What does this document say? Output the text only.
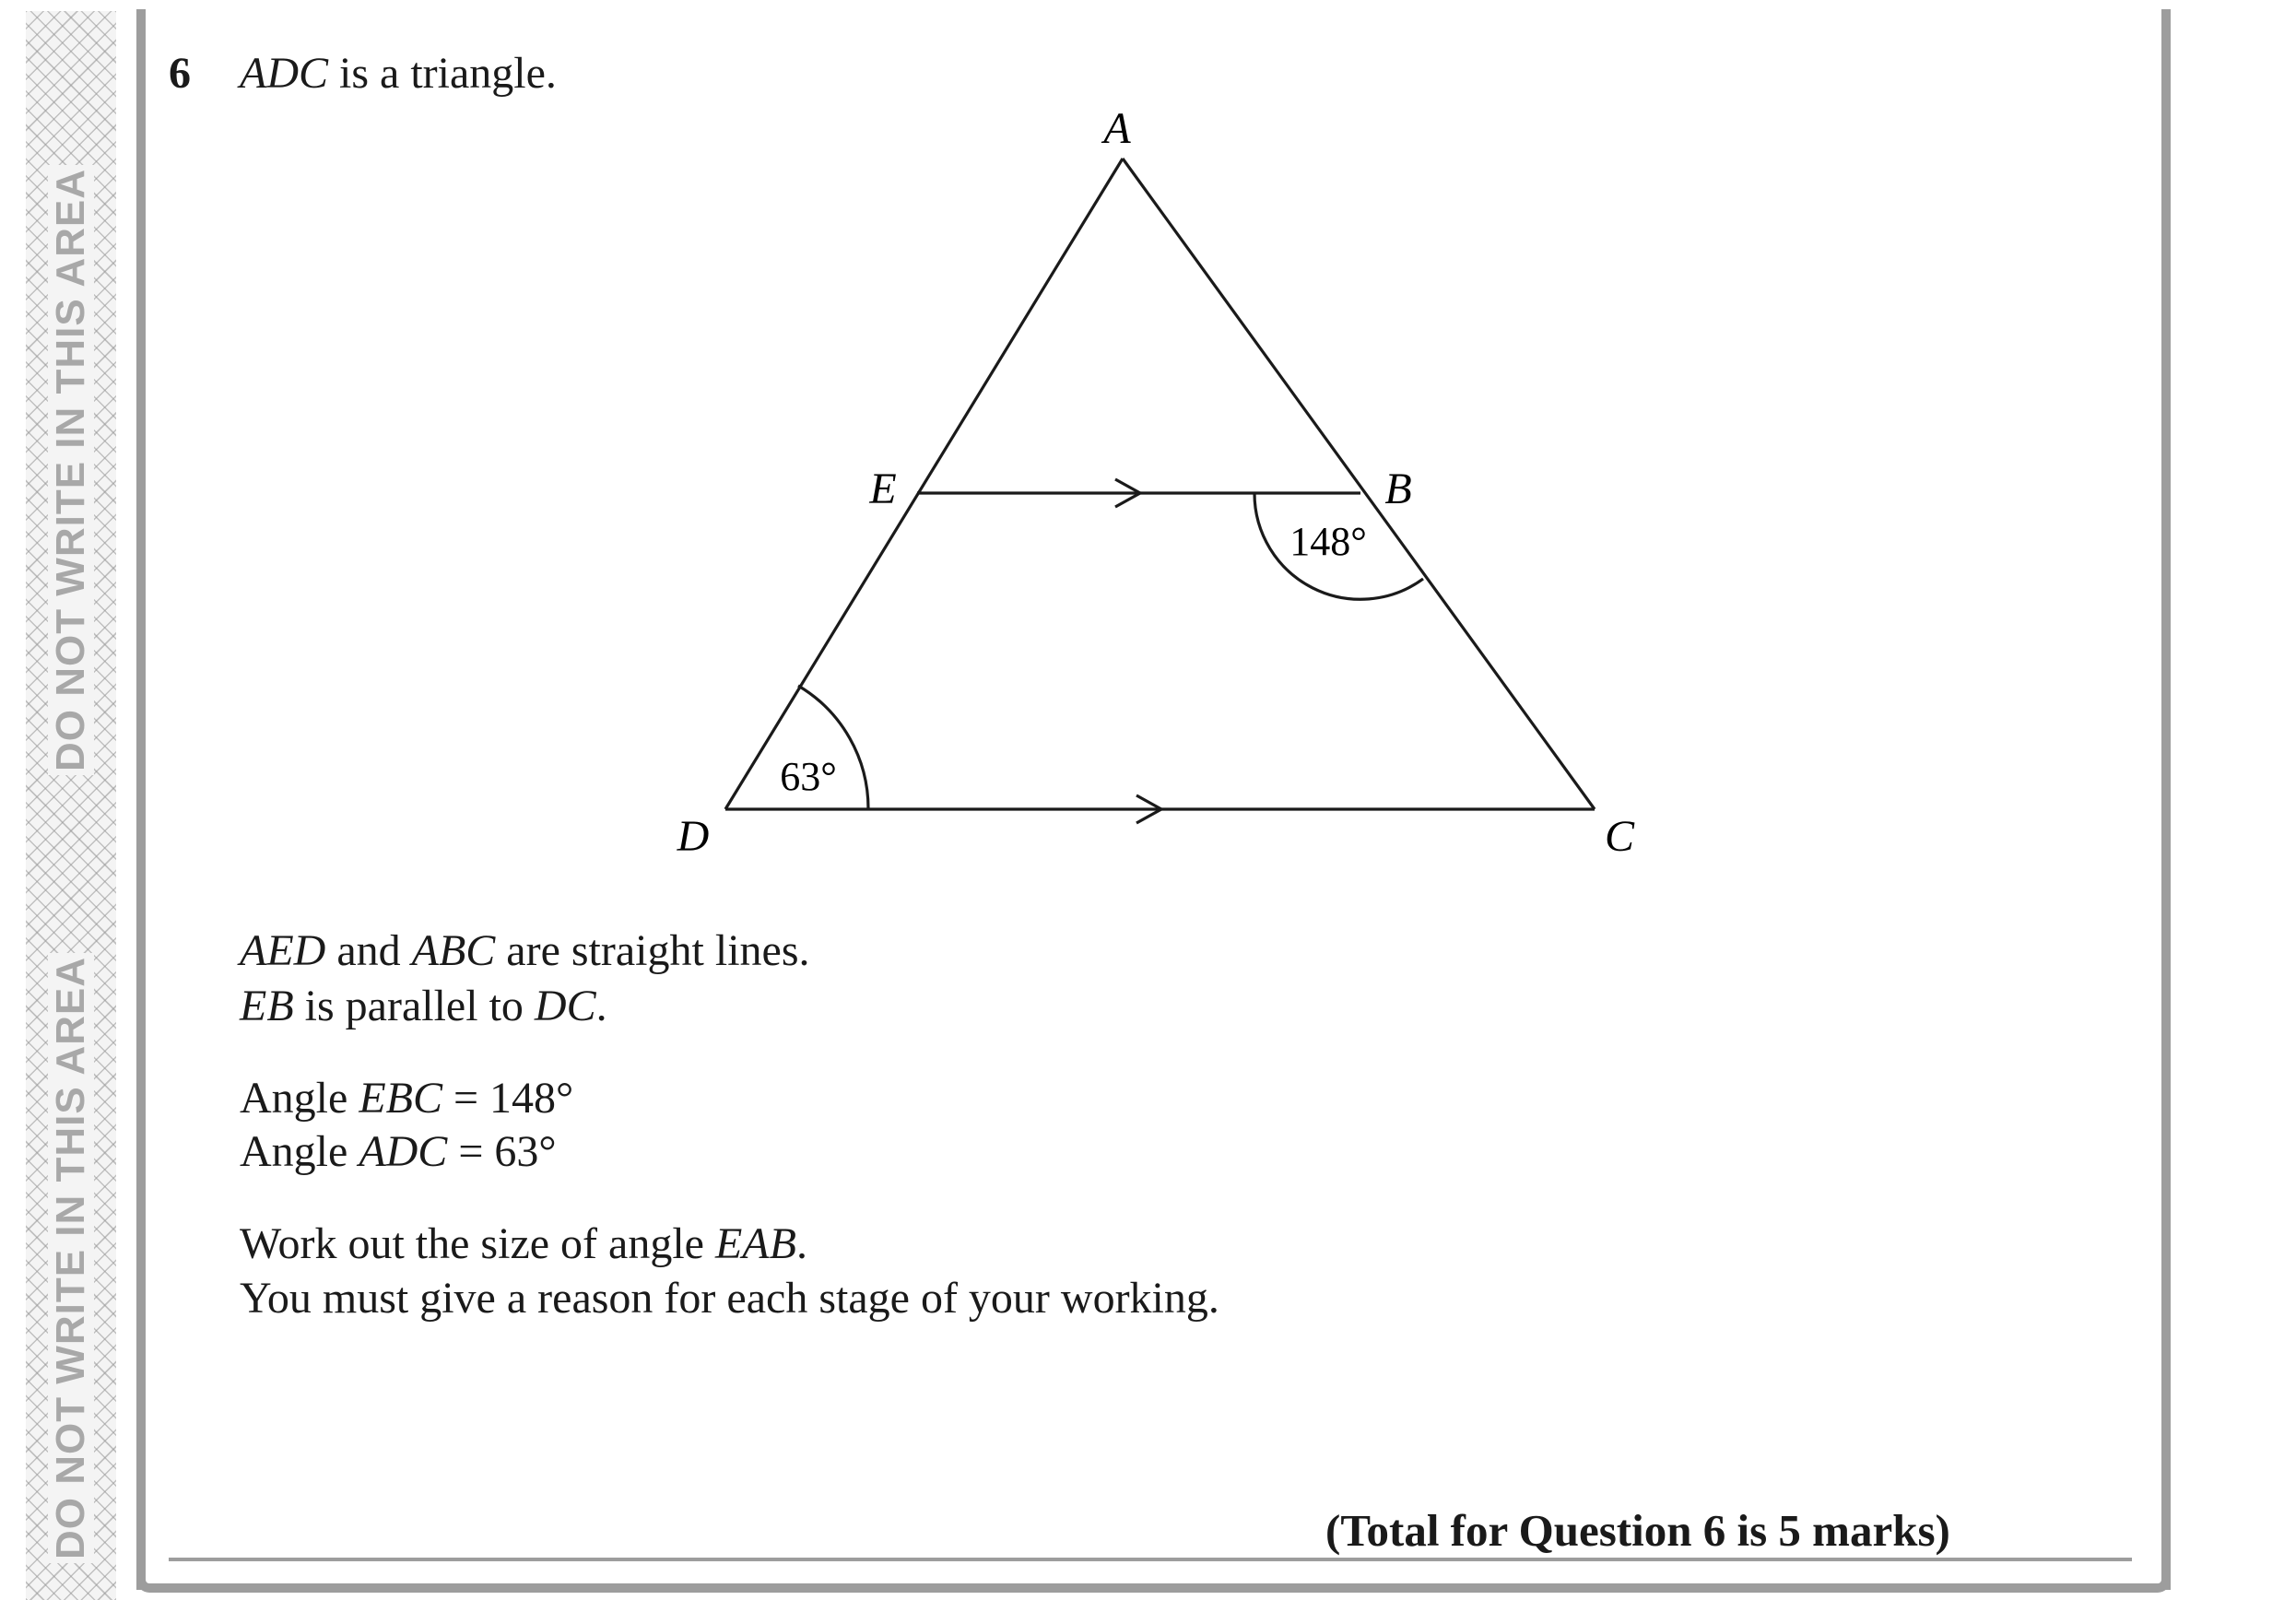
DO NOT WRITE IN THIS AREA
DO NOT WRITE IN THIS AREA
6 ADC is a triangle.
A
E	B
D	C
148°
63°
AED and ABC are straight lines.
EB is parallel to DC.
Angle EBC = 148°
Angle ADC = 63°
Work out the size of angle EAB.
You must give a reason for each stage of your working.
(Total for Question 6 is 5 marks)
